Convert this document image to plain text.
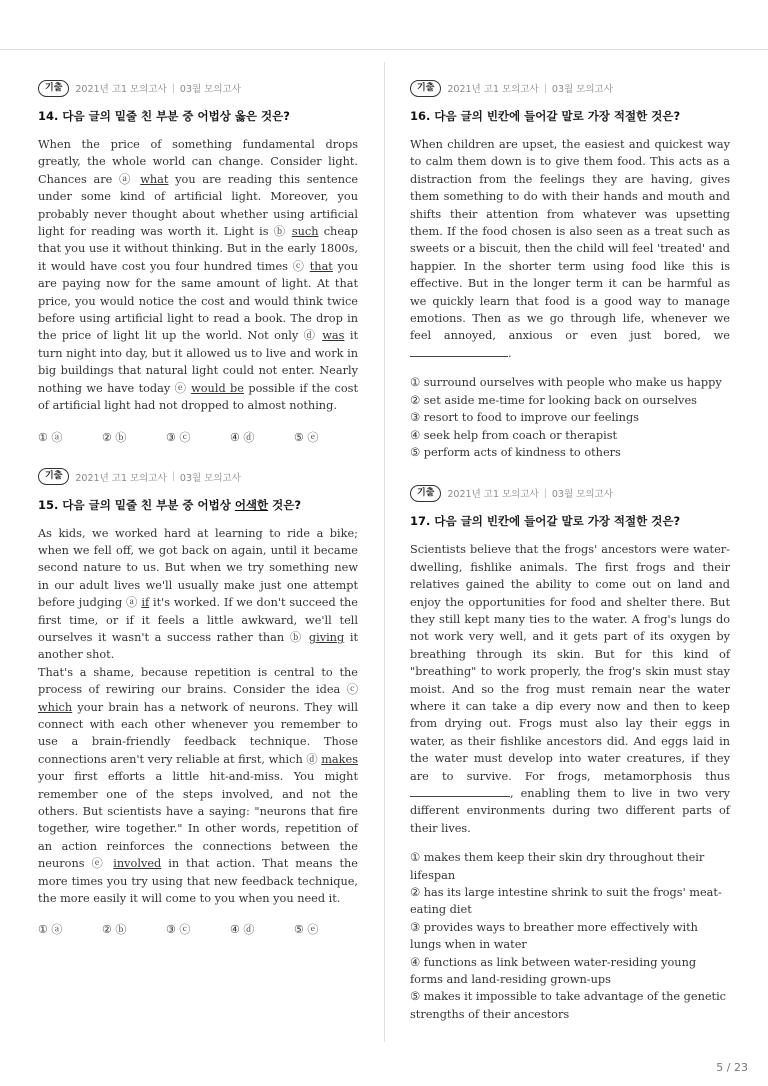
기출	2021년 고1 모의고사 | 03월 모의고사
14. 다음 글의 밑줄 친 부분 중 어법상 옳은 것은?
When the price of something fundamental drops greatly, the whole world can change. Consider light. Chances are ⓐ what you are reading this sentence under some kind of artificial light. Moreover, you probably never thought about whether using artificial light for reading was worth it. Light is ⓑ such cheap that you use it without thinking. But in the early 1800s, it would have cost you four hundred times ⓒ that you are paying now for the same amount of light. At that price, you would notice the cost and would think twice before using artificial light to read a book. The drop in the price of light lit up the world. Not only ⓓ was it turn night into day, but it allowed us to live and work in big buildings that natural light could not enter. Nearly nothing we have today ⓔ would be possible if the cost of artificial light had not dropped to almost nothing.
① ⓐ	② ⓑ	③ ⓒ	④ ⓓ	⑤ ⓔ
기출	2021년 고1 모의고사 | 03월 모의고사
15. 다음 글의 밑줄 친 부분 중 어법상 어색한 것은?
As kids, we worked hard at learning to ride a bike; when we fell off, we got back on again, until it became second nature to us. But when we try something new in our adult lives we'll usually make just one attempt before judging ⓐ if it's worked. If we don't succeed the first time, or if it feels a little awkward, we'll tell ourselves it wasn't a success rather than ⓑ giving it another shot.
That's a shame, because repetition is central to the process of rewiring our brains. Consider the idea ⓒ which your brain has a network of neurons. They will connect with each other whenever you remember to use a brain-friendly feedback technique. Those connections aren't very reliable at first, which ⓓ makes your first efforts a little hit-and-miss. You might remember one of the steps involved, and not the others. But scientists have a saying: "neurons that fire together, wire together." In other words, repetition of an action reinforces the connections between the neurons ⓔ involved in that action. That means the more times you try using that new feedback technique, the more easily it will come to you when you need it.
① ⓐ	② ⓑ	③ ⓒ	④ ⓓ	⑤ ⓔ
기출	2021년 고1 모의고사 | 03월 모의고사
16. 다음 글의 빈칸에 들어갈 말로 가장 적절한 것은?
When children are upset, the easiest and quickest way to calm them down is to give them food. This acts as a distraction from the feelings they are having, gives them something to do with their hands and mouth and shifts their attention from whatever was upsetting them. If the food chosen is also seen as a treat such as sweets or a biscuit, then the child will feel 'treated' and happier. In the shorter term using food like this is effective. But in the longer term it can be harmful as we quickly learn that food is a good way to manage emotions. Then as we go through life, whenever we feel annoyed, anxious or even just bored, we .
① surround ourselves with people who make us happy
② set aside me-time for looking back on ourselves
③ resort to food to improve our feelings
④ seek help from coach or therapist
⑤ perform acts of kindness to others
기출	2021년 고1 모의고사 | 03월 모의고사
17. 다음 글의 빈칸에 들어갈 말로 가장 적절한 것은?
Scientists believe that the frogs' ancestors were water-dwelling, fishlike animals. The first frogs and their relatives gained the ability to come out on land and enjoy the opportunities for food and shelter there. But they still kept many ties to the water. A frog's lungs do not work very well, and it gets part of its oxygen by breathing through its skin. But for this kind of "breathing" to work properly, the frog's skin must stay moist. And so the frog must remain near the water where it can take a dip every now and then to keep from drying out. Frogs must also lay their eggs in water, as their fishlike ancestors did. And eggs laid in the water must develop into water creatures, if they are to survive. For frogs, metamorphosis thus , enabling them to live in two very different environments during two different parts of their lives.
① makes them keep their skin dry throughout their lifespan
② has its large intestine shrink to suit the frogs' meat-eating diet
③ provides ways to breather more effectively with lungs when in water
④ functions as link between water-residing young forms and land-residing grown-ups
⑤ makes it impossible to take advantage of the genetic strengths of their ancestors
5 / 23
